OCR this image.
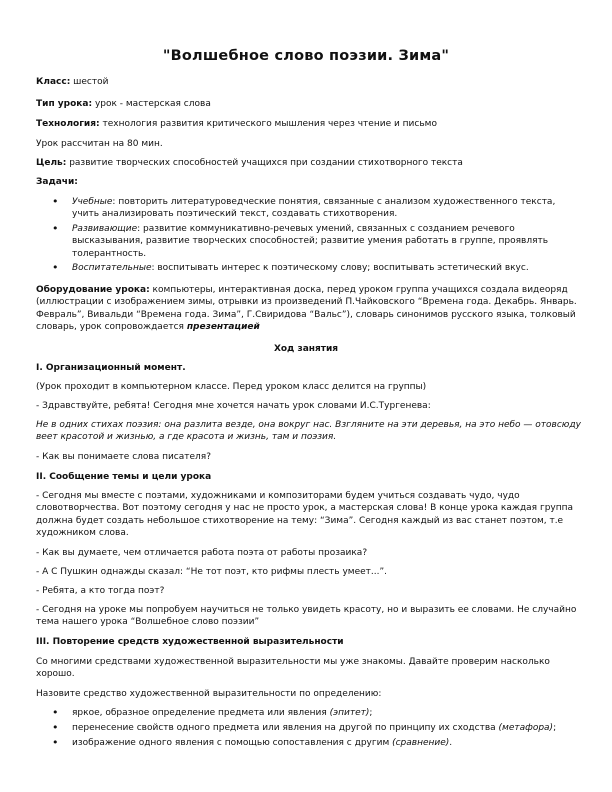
"Волшебное слово поэзии. Зима"

Класс: шестой

Тип урока: урок - мастерская слова

Технология: технология развития критического мышления через чтение и письмо

Урок рассчитан на 80 мин.

Цель: развитие творческих способностей учащихся при создании стихотворного текста

Задачи:

• Учебные: повторить литературоведческие понятия, связанные с анализом художественного текста, учить анализировать поэтический текст, создавать стихотворения.
• Развивающие: развитие коммуникативно-речевых умений, связанных с созданием речевого высказывания, развитие творческих способностей; развитие умения работать в группе, проявлять толерантность.
• Воспитательные: воспитывать интерес к поэтическому слову; воспитывать эстетический вкус.

Оборудование урока: компьютеры, интерактивная доска, перед уроком группа учащихся создала видеоряд (иллюстрации с изображением зимы, отрывки из произведений П.Чайковского “Времена года. Декабрь. Январь. Февраль”, Вивальди “Времена года. Зима”, Г.Свиридова “Вальс”), словарь синонимов русского языка, толковый словарь, урок сопровождается презентацией

Ход занятия

I. Организационный момент.

(Урок проходит в компьютерном классе. Перед уроком класс делится на группы)

- Здравствуйте, ребята! Сегодня мне хочется начать урок словами И.С.Тургенева:

Не в одних стихах поэзия: она разлита везде, она вокруг нас. Взгляните на эти деревья, на это небо — отовсюду веет красотой и жизнью, а где красота и жизнь, там и поэзия.

- Как вы понимаете слова писателя?

II. Сообщение темы и цели урока

- Сегодня мы вместе с поэтами, художниками и композиторами будем учиться создавать чудо, чудо словотворчества. Вот поэтому сегодня у нас не просто урок, а мастерская слова! В конце урока каждая группа должна будет создать небольшое стихотворение на тему: “Зима”. Сегодня каждый из вас станет поэтом, т.е художником слова.

- Как вы думаете, чем отличается работа поэта от работы прозаика?

- А С Пушкин однажды сказал: “Не тот поэт, кто рифмы плесть умеет...”.

- Ребята, а кто тогда поэт?

- Сегодня на уроке мы попробуем научиться не только увидеть красоту, но и выразить ее словами. Не случайно тема нашего урока “Волшебное слово поэзии”

III. Повторение средств художественной выразительности

Со многими средствами художественной выразительности мы уже знакомы. Давайте проверим насколько хорошо.

Назовите средство художественной выразительности по определению:

• яркое, образное определение предмета или явления (эпитет);
• перенесение свойств одного предмета или явления на другой по принципу их сходства (метафора);
• изображение одного явления с помощью сопоставления с другим (сравнение).
